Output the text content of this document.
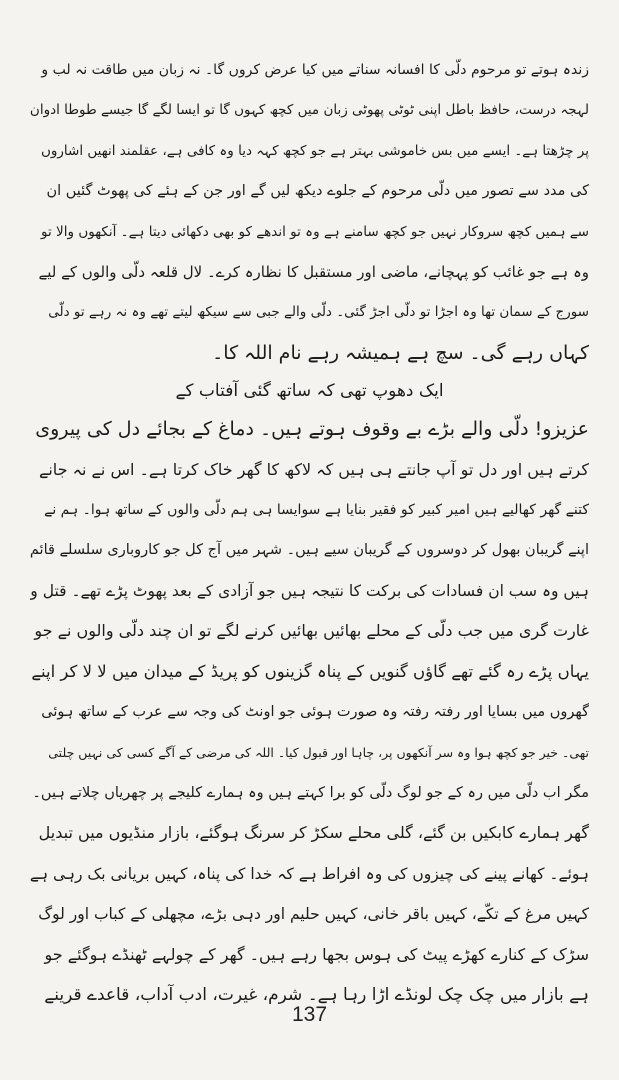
زندہ ہوتے تو مرحوم دلّی کا افسانہ سناتے میں کیا عرض کروں گا۔ نہ زبان میں طاقت نہ لب و
لہجہ درست، حافظ باطل اپنی ٹوٹی پھوٹی زبان میں کچھ کہوں گا تو ایسا لگے گا جیسے طوطا ادوان
پر چڑھتا ہے۔ ایسے میں بس خاموشی بہتر ہے جو کچھ کہہ دیا وہ کافی ہے، عقلمند انھیں اشاروں
کی مدد سے تصور میں دلّی مرحوم کے جلوے دیکھ لیں گے اور جن کے ہئے کی پھوٹ گئیں ان
سے ہمیں کچھ سروکار نہیں جو کچھ سامنے ہے وہ تو اندھے کو بھی دکھائی دیتا ہے۔ آنکھوں والا تو
وہ ہے جو غائب کو پہچانے، ماضی اور مستقبل کا نظارہ کرے۔ لال قلعہ دلّی والوں کے لیے
سورج کے سمان تھا وہ اجڑا تو دلّی اجڑ گئی۔ دلّی والے جبی سے سیکھ لیتے تھے وہ نہ رہے تو دلّی
کہاں رہے گی۔ سچ ہے ہمیشہ رہے نام اللہ کا۔
ایک دھوپ تھی کہ ساتھ گئی آفتاب کے
عزیزو! دلّی والے بڑے بے وقوف ہوتے ہیں۔ دماغ کے بجائے دل کی پیروی
کرتے ہیں اور دل تو آپ جانتے ہی ہیں کہ لاکھ کا گھر خاک کرتا ہے۔ اس نے نہ جانے
کتنے گھر کھالیے ہیں امیر کبیر کو فقیر بنایا ہے سوایسا ہی ہم دلّی والوں کے ساتھ ہوا۔ ہم نے
اپنے گریبان بھول کر دوسروں کے گریبان سیے ہیں۔ شہر میں آج کل جو کاروباری سلسلے قائم
ہیں وہ سب ان فسادات کی برکت کا نتیجہ ہیں جو آزادی کے بعد پھوٹ پڑے تھے۔ قتل و
غارت گری میں جب دلّی کے محلے بھائیں بھائیں کرنے لگے تو ان چند دلّی والوں نے جو
یہاں پڑے رہ گئے تھے گاؤں گنویں کے پناہ گزینوں کو پریڈ کے میدان میں لا لا کر اپنے
گھروں میں بسایا اور رفتہ رفتہ وہ صورت ہوئی جو اونٹ کی وجہ سے عرب کے ساتھ ہوئی
تھی۔ خیر جو کچھ ہوا وہ سر آنکھوں پر، چاہا اور قبول کیا۔ اللہ کی مرضی کے آگے کسی کی نہیں چلتی
مگر اب دلّی میں رہ کے جو لوگ دلّی کو برا کہتے ہیں وہ ہمارے کلیجے پر چھریاں چلاتے ہیں۔
گھر ہمارے کابکیں بن گئے، گلی محلے سکڑ کر سرنگ ہوگئے، بازار منڈیوں میں تبدیل
ہوئے۔ کھانے پینے کی چیزوں کی وہ افراط ہے کہ خدا کی پناہ، کہیں بریانی بک رہی ہے
کہیں مرغ کے تکّے، کہیں باقر خانی، کہیں حلیم اور دہی بڑے، مچھلی کے کباب اور لوگ
سڑک کے کنارے کھڑے پیٹ کی ہوس بجھا رہے ہیں۔ گھر کے چولہے ٹھنڈے ہوگئے جو
ہے بازار میں چک چک لونڈے اڑا رہا ہے۔ شرم، غیرت، ادب آداب، قاعدے قرینے
137
